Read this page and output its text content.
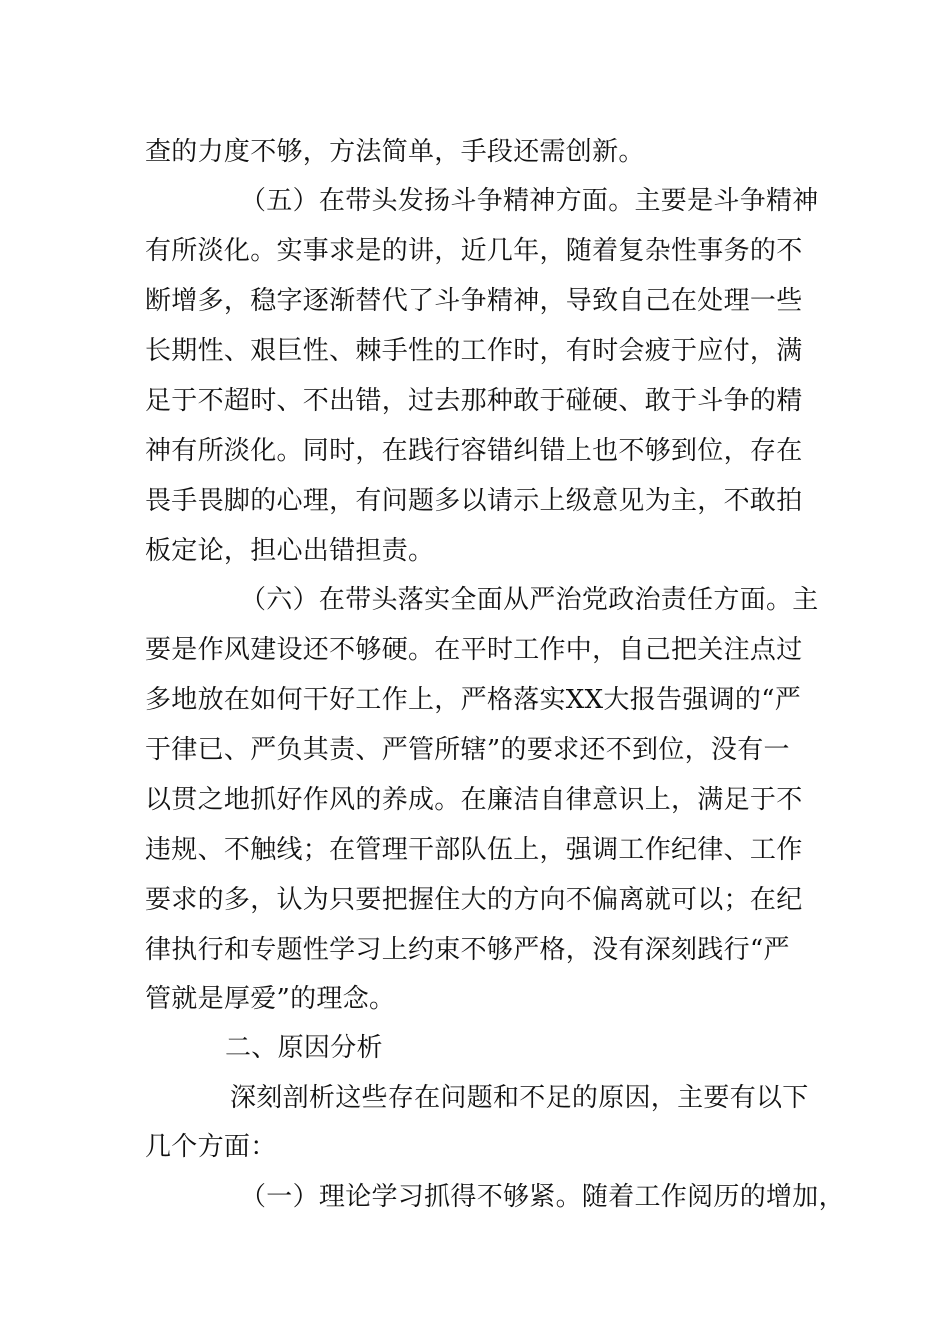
查的力度不够，方法简单，手段还需创新。
（五）在带头发扬斗争精神方面。主要是斗争精神
有所淡化。实事求是的讲，近几年，随着复杂性事务的不
断增多，稳字逐渐替代了斗争精神，导致自己在处理一些
长期性、艰巨性、棘手性的工作时，有时会疲于应付，满
足于不超时、不出错，过去那种敢于碰硬、敢于斗争的精
神有所淡化。同时，在践行容错纠错上也不够到位，存在
畏手畏脚的心理，有问题多以请示上级意见为主，不敢拍
板定论，担心出错担责。
（六）在带头落实全面从严治党政治责任方面。主
要是作风建设还不够硬。在平时工作中，自己把关注点过
多地放在如何干好工作上，严格落实XX大报告强调的“严
于律已、严负其责、严管所辖”的要求还不到位，没有一
以贯之地抓好作风的养成。在廉洁自律意识上，满足于不
违规、不触线；在管理干部队伍上，强调工作纪律、工作
要求的多，认为只要把握住大的方向不偏离就可以；在纪
律执行和专题性学习上约束不够严格，没有深刻践行“严
管就是厚爱”的理念。
二、原因分析
深刻剖析这些存在问题和不足的原因，主要有以下
几个方面：
（一）理论学习抓得不够紧。随着工作阅历的增加，
